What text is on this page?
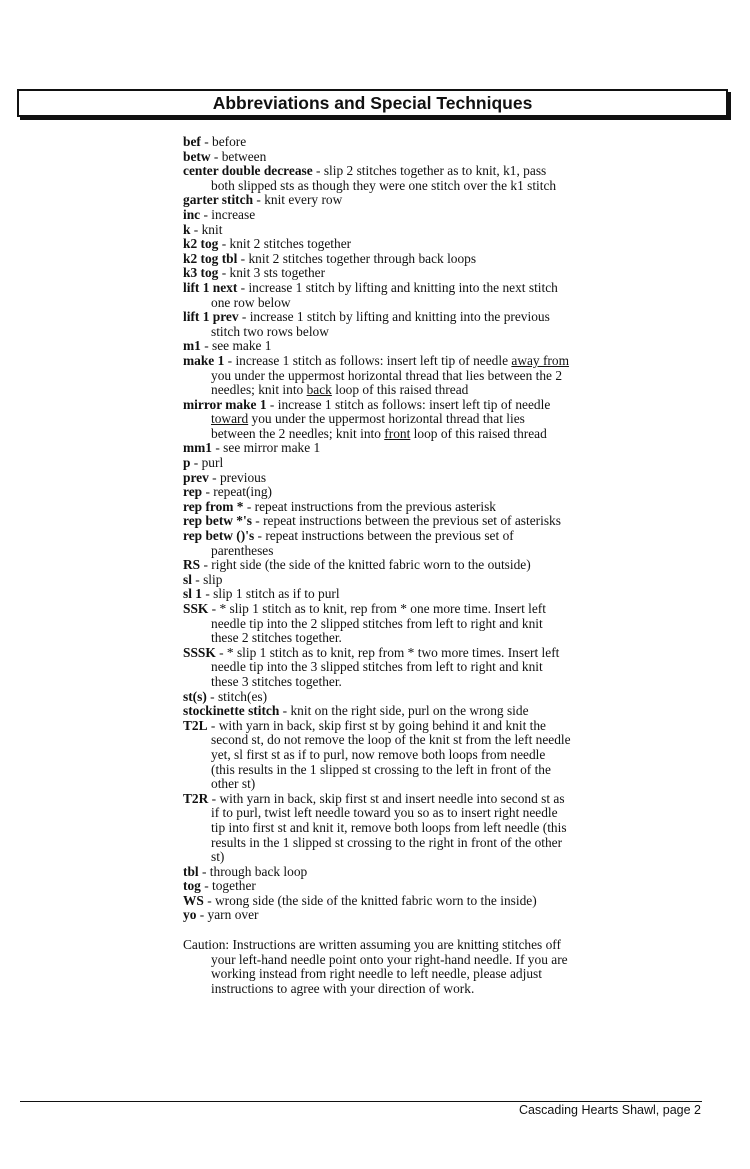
Abbreviations and Special Techniques

bef - before

betw - between

center double decrease - slip 2 stitches together as to knit, k1, pass both slipped sts as though they were one stitch over the k1 stitch

garter stitch - knit every row

inc - increase

k - knit

k2 tog - knit 2 stitches together

k2 tog tbl - knit 2 stitches together through back loops

k3 tog - knit 3 sts together

lift 1 next - increase 1 stitch by lifting and knitting into the next stitch one row below

lift 1 prev - increase 1 stitch by lifting and knitting into the previous stitch two rows below

m1 - see make 1

make 1 - increase 1 stitch as follows: insert left tip of needle away from you under the uppermost horizontal thread that lies between the 2 needles; knit into back loop of this raised thread

mirror make 1 - increase 1 stitch as follows: insert left tip of needle toward you under the uppermost horizontal thread that lies between the 2 needles; knit into front loop of this raised thread

mm1 - see mirror make 1

p - purl

prev - previous

rep - repeat(ing)

rep from * - repeat instructions from the previous asterisk

rep betw *'s - repeat instructions between the previous set of asterisks

rep betw ()'s - repeat instructions between the previous set of parentheses

RS - right side (the side of the knitted fabric worn to the outside)

sl - slip

sl 1 - slip 1 stitch as if to purl

SSK - * slip 1 stitch as to knit, rep from * one more time. Insert left needle tip into the 2 slipped stitches from left to right and knit these 2 stitches together.

SSSK - * slip 1 stitch as to knit, rep from * two more times. Insert left needle tip into the 3 slipped stitches from left to right and knit these 3 stitches together.

st(s) - stitch(es)

stockinette stitch - knit on the right side, purl on the wrong side

T2L - with yarn in back, skip first st by going behind it and knit the second st, do not remove the loop of the knit st from the left needle yet, sl first st as if to purl, now remove both loops from needle (this results in the 1 slipped st crossing to the left in front of the other st)

T2R - with yarn in back, skip first st and insert needle into second st as if to purl, twist left needle toward you so as to insert right needle tip into first st and knit it, remove both loops from left needle (this results in the 1 slipped st crossing to the right in front of the other st)

tbl - through back loop

tog - together

WS - wrong side (the side of the knitted fabric worn to the inside)

yo - yarn over

Caution: Instructions are written assuming you are knitting stitches off your left-hand needle point onto your right-hand needle. If you are working instead from right needle to left needle, please adjust instructions to agree with your direction of work.

Cascading Hearts Shawl, page 2
